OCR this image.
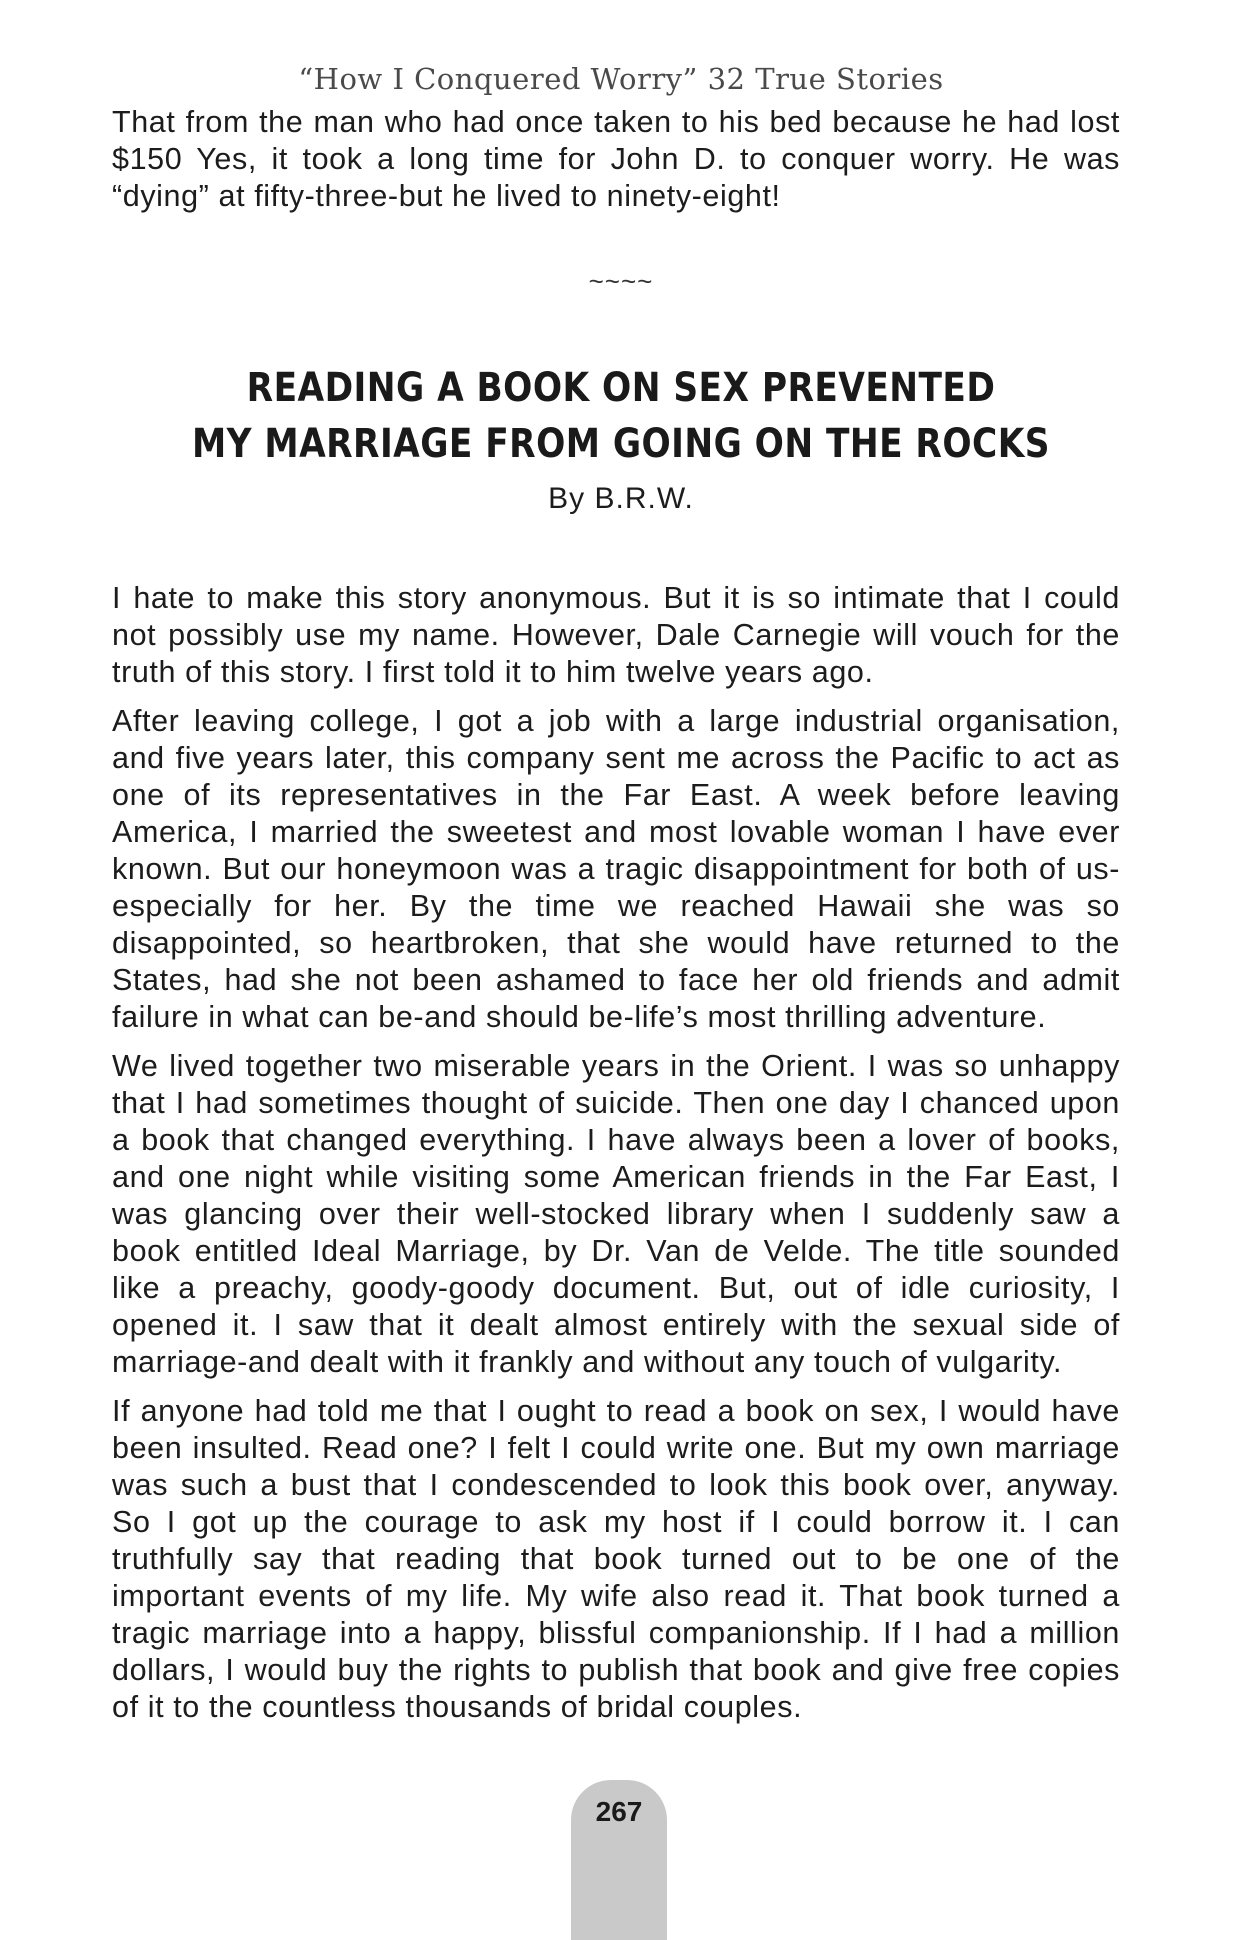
“How I Conquered Worry” 32 True Stories

That from the man who had once taken to his bed because he had lost $150 Yes, it took a long time for John D. to conquer worry. He was “dying” at fifty-three-but he lived to ninety-eight!

~~~~
READING A BOOK ON SEX PREVENTED
MY MARRIAGE FROM GOING ON THE ROCKS
By B.R.W.

I hate to make this story anonymous. But it is so intimate that I could not possibly use my name. However, Dale Carnegie will vouch for the truth of this story. I first told it to him twelve years ago.

After leaving college, I got a job with a large industrial organisation, and five years later, this company sent me across the Pacific to act as one of its representatives in the Far East. A week before leaving America, I married the sweetest and most lovable woman I have ever known. But our honeymoon was a tragic disappointment for both of us- especially for her. By the time we reached Hawaii she was so disappointed, so heartbroken, that she would have returned to the States, had she not been ashamed to face her old friends and admit failure in what can be-and should be-life’s most thrilling adventure.

We lived together two miserable years in the Orient. I was so unhappy that I had sometimes thought of suicide. Then one day I chanced upon a book that changed everything. I have always been a lover of books, and one night while visiting some American friends in the Far East, I was glancing over their well-stocked library when I suddenly saw a book entitled Ideal Marriage, by Dr. Van de Velde. The title sounded like a preachy, goody-goody document. But, out of idle curiosity, I opened it. I saw that it dealt almost entirely with the sexual side of marriage-and dealt with it frankly and without any touch of vulgarity.

If anyone had told me that I ought to read a book on sex, I would have been insulted. Read one? I felt I could write one. But my own marriage was such a bust that I condescended to look this book over, anyway. So I got up the courage to ask my host if I could borrow it. I can truthfully say that reading that book turned out to be one of the important events of my life. My wife also read it. That book turned a tragic marriage into a happy, blissful companionship. If I had a million dollars, I would buy the rights to publish that book and give free copies of it to the countless thousands of bridal couples.

267
